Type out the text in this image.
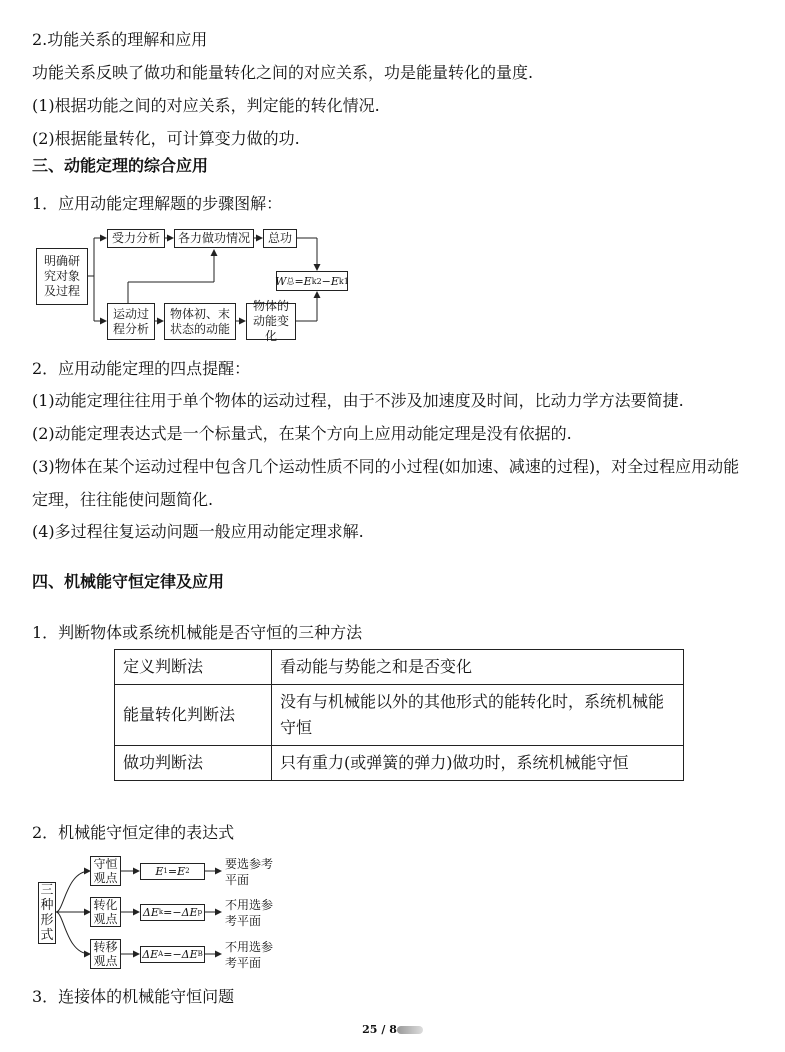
2.功能关系的理解和应用
功能关系反映了做功和能量转化之间的对应关系，功是能量转化的量度.
(1)根据功能之间的对应关系，判定能的转化情况.
(2)根据能量转化，可计算变力做的功.
三、动能定理的综合应用
1．应用动能定理解题的步骤图解：
明确研究对象及过程
受力分析	各力做功情况	总功
W 总 =E k2 −E k1
运动过程分析
物体初、末状态的动能
物体的动能变化
2．应用动能定理的四点提醒：
(1)动能定理往往用于单个物体的运动过程，由于不涉及加速度及时间，比动力学方法要简捷.
(2)动能定理表达式是一个标量式，在某个方向上应用动能定理是没有依据的.
(3)物体在某个运动过程中包含几个运动性质不同的小过程(如加速、减速的过程)，对全过程应用动能
定理，往往能使问题简化.
(4)多过程往复运动问题一般应用动能定理求解.
四、机械能守恒定律及应用
1．判断物体或系统机械能是否守恒的三种方法
定义判断法	看动能与势能之和是否变化
能量转化判断法	没有与机械能以外的其他形式的能转化时，系统机械能
守恒
做功判断法	只有重力(或弹簧的弹力)做功时，系统机械能守恒
2．机械能守恒定律的表达式
三
种
形
式
守恒
观点
转化
观点
转移
观点
E 1 =E 2
ΔE k =−ΔE p
ΔE A =−ΔE B
要选参考
平面
不用选参
考平面
不用选参
考平面
3．连接体的机械能守恒问题
25 / 8
